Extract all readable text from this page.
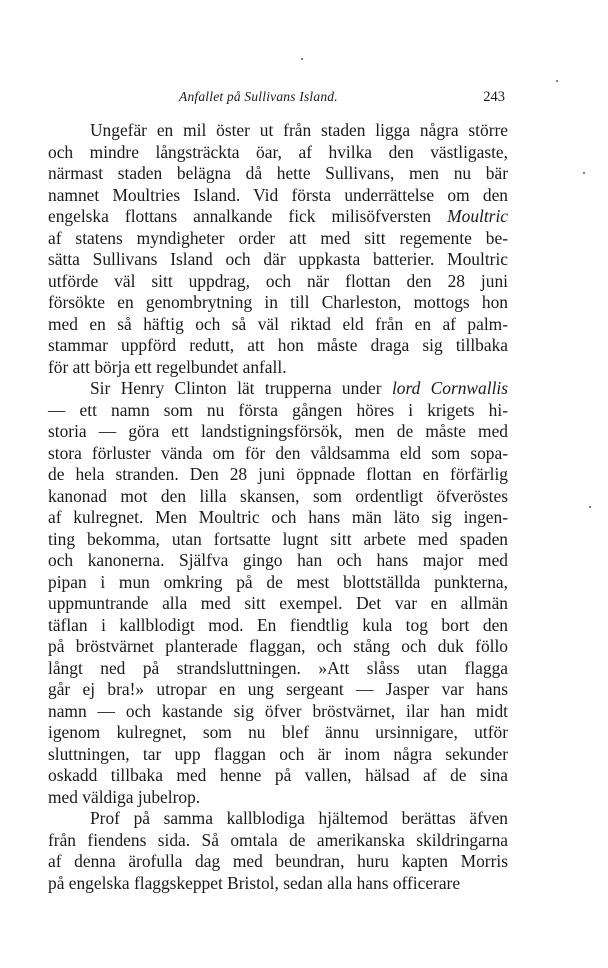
Anfallet på Sullivans Island.	243
Ungefär en mil öster ut från staden ligga några större
och mindre långsträckta öar, af hvilka den västligaste,
närmast staden belägna då hette Sullivans, men nu bär
namnet Moultries Island. Vid första underrättelse om den
engelska flottans annalkande fick milisöfversten Moultric
af statens myndigheter order att med sitt regemente be-
sätta Sullivans Island och där uppkasta batterier. Moultric
utförde väl sitt uppdrag, och när flottan den 28 juni
försökte en genombrytning in till Charleston, mottogs hon
med en så häftig och så väl riktad eld från en af palm-
stammar uppförd redutt, att hon måste draga sig tillbaka
för att börja ett regelbundet anfall.
Sir Henry Clinton lät trupperna under lord Cornwallis
— ett namn som nu första gången höres i krigets hi-
storia — göra ett landstigningsförsök, men de måste med
stora förluster vända om för den våldsamma eld som sopa-
de hela stranden. Den 28 juni öppnade flottan en förfärlig
kanonad mot den lilla skansen, som ordentligt öfveröstes
af kulregnet. Men Moultric och hans män läto sig ingen-
ting bekomma, utan fortsatte lugnt sitt arbete med spaden
och kanonerna. Själfva gingo han och hans major med
pipan i mun omkring på de mest blottställda punkterna,
uppmuntrande alla med sitt exempel. Det var en allmän
täflan i kallblodigt mod. En fiendtlig kula tog bort den
på bröstvärnet planterade flaggan, och stång och duk föllo
långt ned på strandsluttningen. »Att slåss utan flagga
går ej bra!» utropar en ung sergeant — Jasper var hans
namn — och kastande sig öfver bröstvärnet, ilar han midt
igenom kulregnet, som nu blef ännu ursinnigare, utför
sluttningen, tar upp flaggan och är inom några sekunder
oskadd tillbaka med henne på vallen, hälsad af de sina
med väldiga jubelrop.
Prof på samma kallblodiga hjältemod berättas äfven
från fiendens sida. Så omtala de amerikanska skildringarna
af denna ärofulla dag med beundran, huru kapten Morris
på engelska flaggskeppet Bristol, sedan alla hans officerare
